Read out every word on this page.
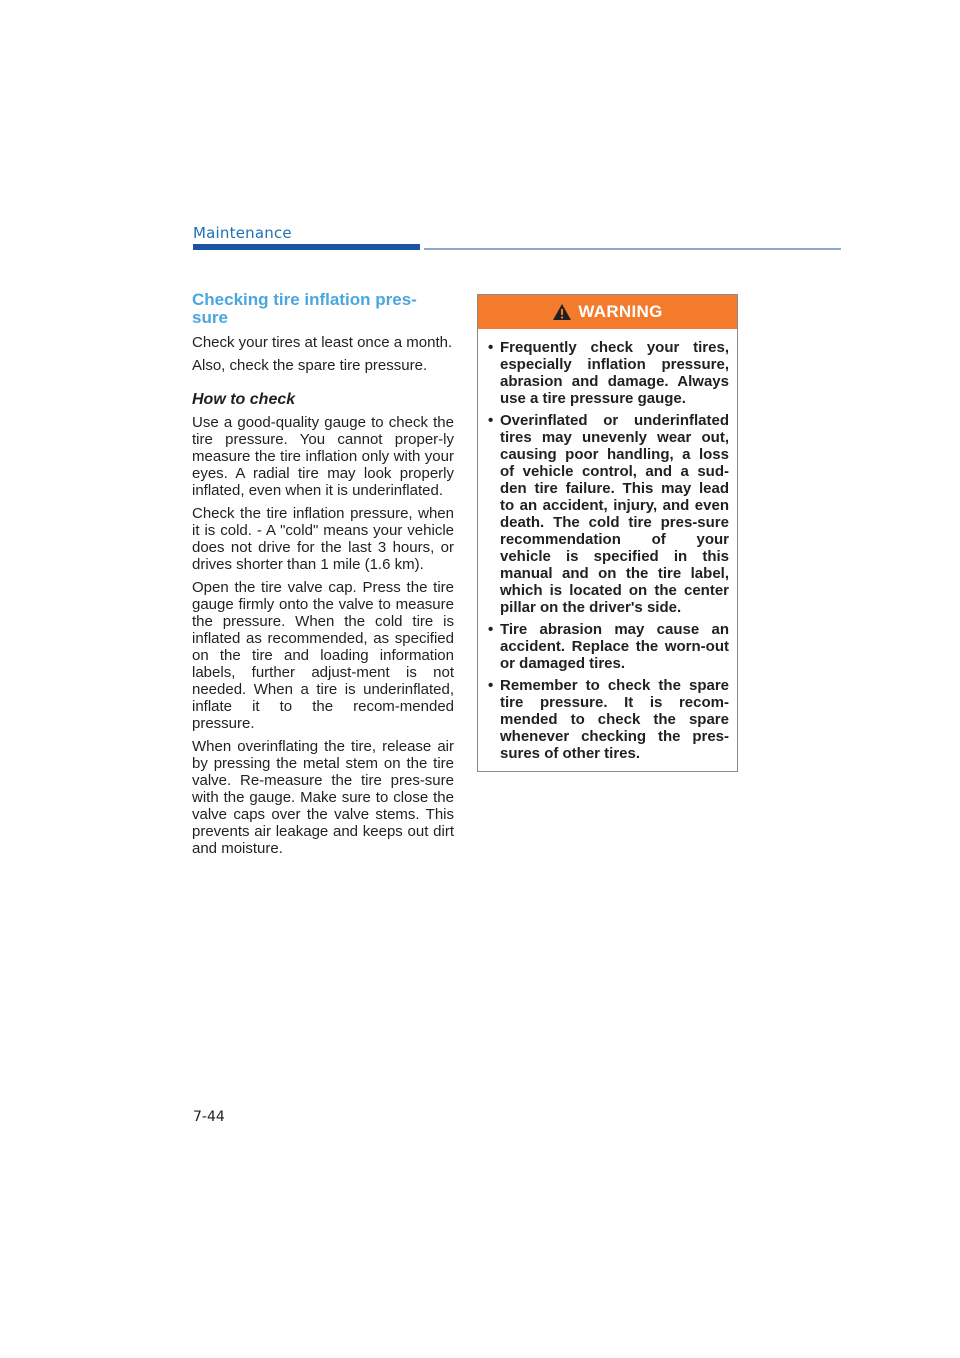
Maintenance
Checking tire inflation pres-
sure

Check your tires at least once a month.

Also, check the spare tire pressure.

How to check

Use a good-quality gauge to check the tire pressure. You cannot proper-ly measure the tire inflation only with your eyes. A radial tire may look properly inflated, even when it is underinflated.

Check the tire inflation pressure, when it is cold. - A "cold" means your vehicle does not drive for the last 3 hours, or drives shorter than 1 mile (1.6 km).

Open the tire valve cap. Press the tire gauge firmly onto the valve to measure the pressure. When the cold tire is inflated as recommended, as specified on the tire and loading information labels, further adjust-ment is not needed. When a tire is underinflated, inflate it to the recom-mended pressure.

When overinflating the tire, release air by pressing the metal stem on the tire valve. Re-measure the tire pres-sure with the gauge. Make sure to close the valve caps over the valve stems. This prevents air leakage and keeps out dirt and moisture.

WARNING
• Frequently check your tires, especially inflation pressure, abrasion and damage. Always use a tire pressure gauge.
• Overinflated or underinflated tires may unevenly wear out, causing poor handling, a loss of vehicle control, and a sud-den tire failure. This may lead to an accident, injury, and even death. The cold tire pres-sure recommendation of your vehicle is specified in this manual and on the tire label, which is located on the center pillar on the driver's side.
• Tire abrasion may cause an accident. Replace the worn-out or damaged tires.
• Remember to check the spare tire pressure. It is recom-mended to check the spare whenever checking the pres-sures of other tires.
7-44
